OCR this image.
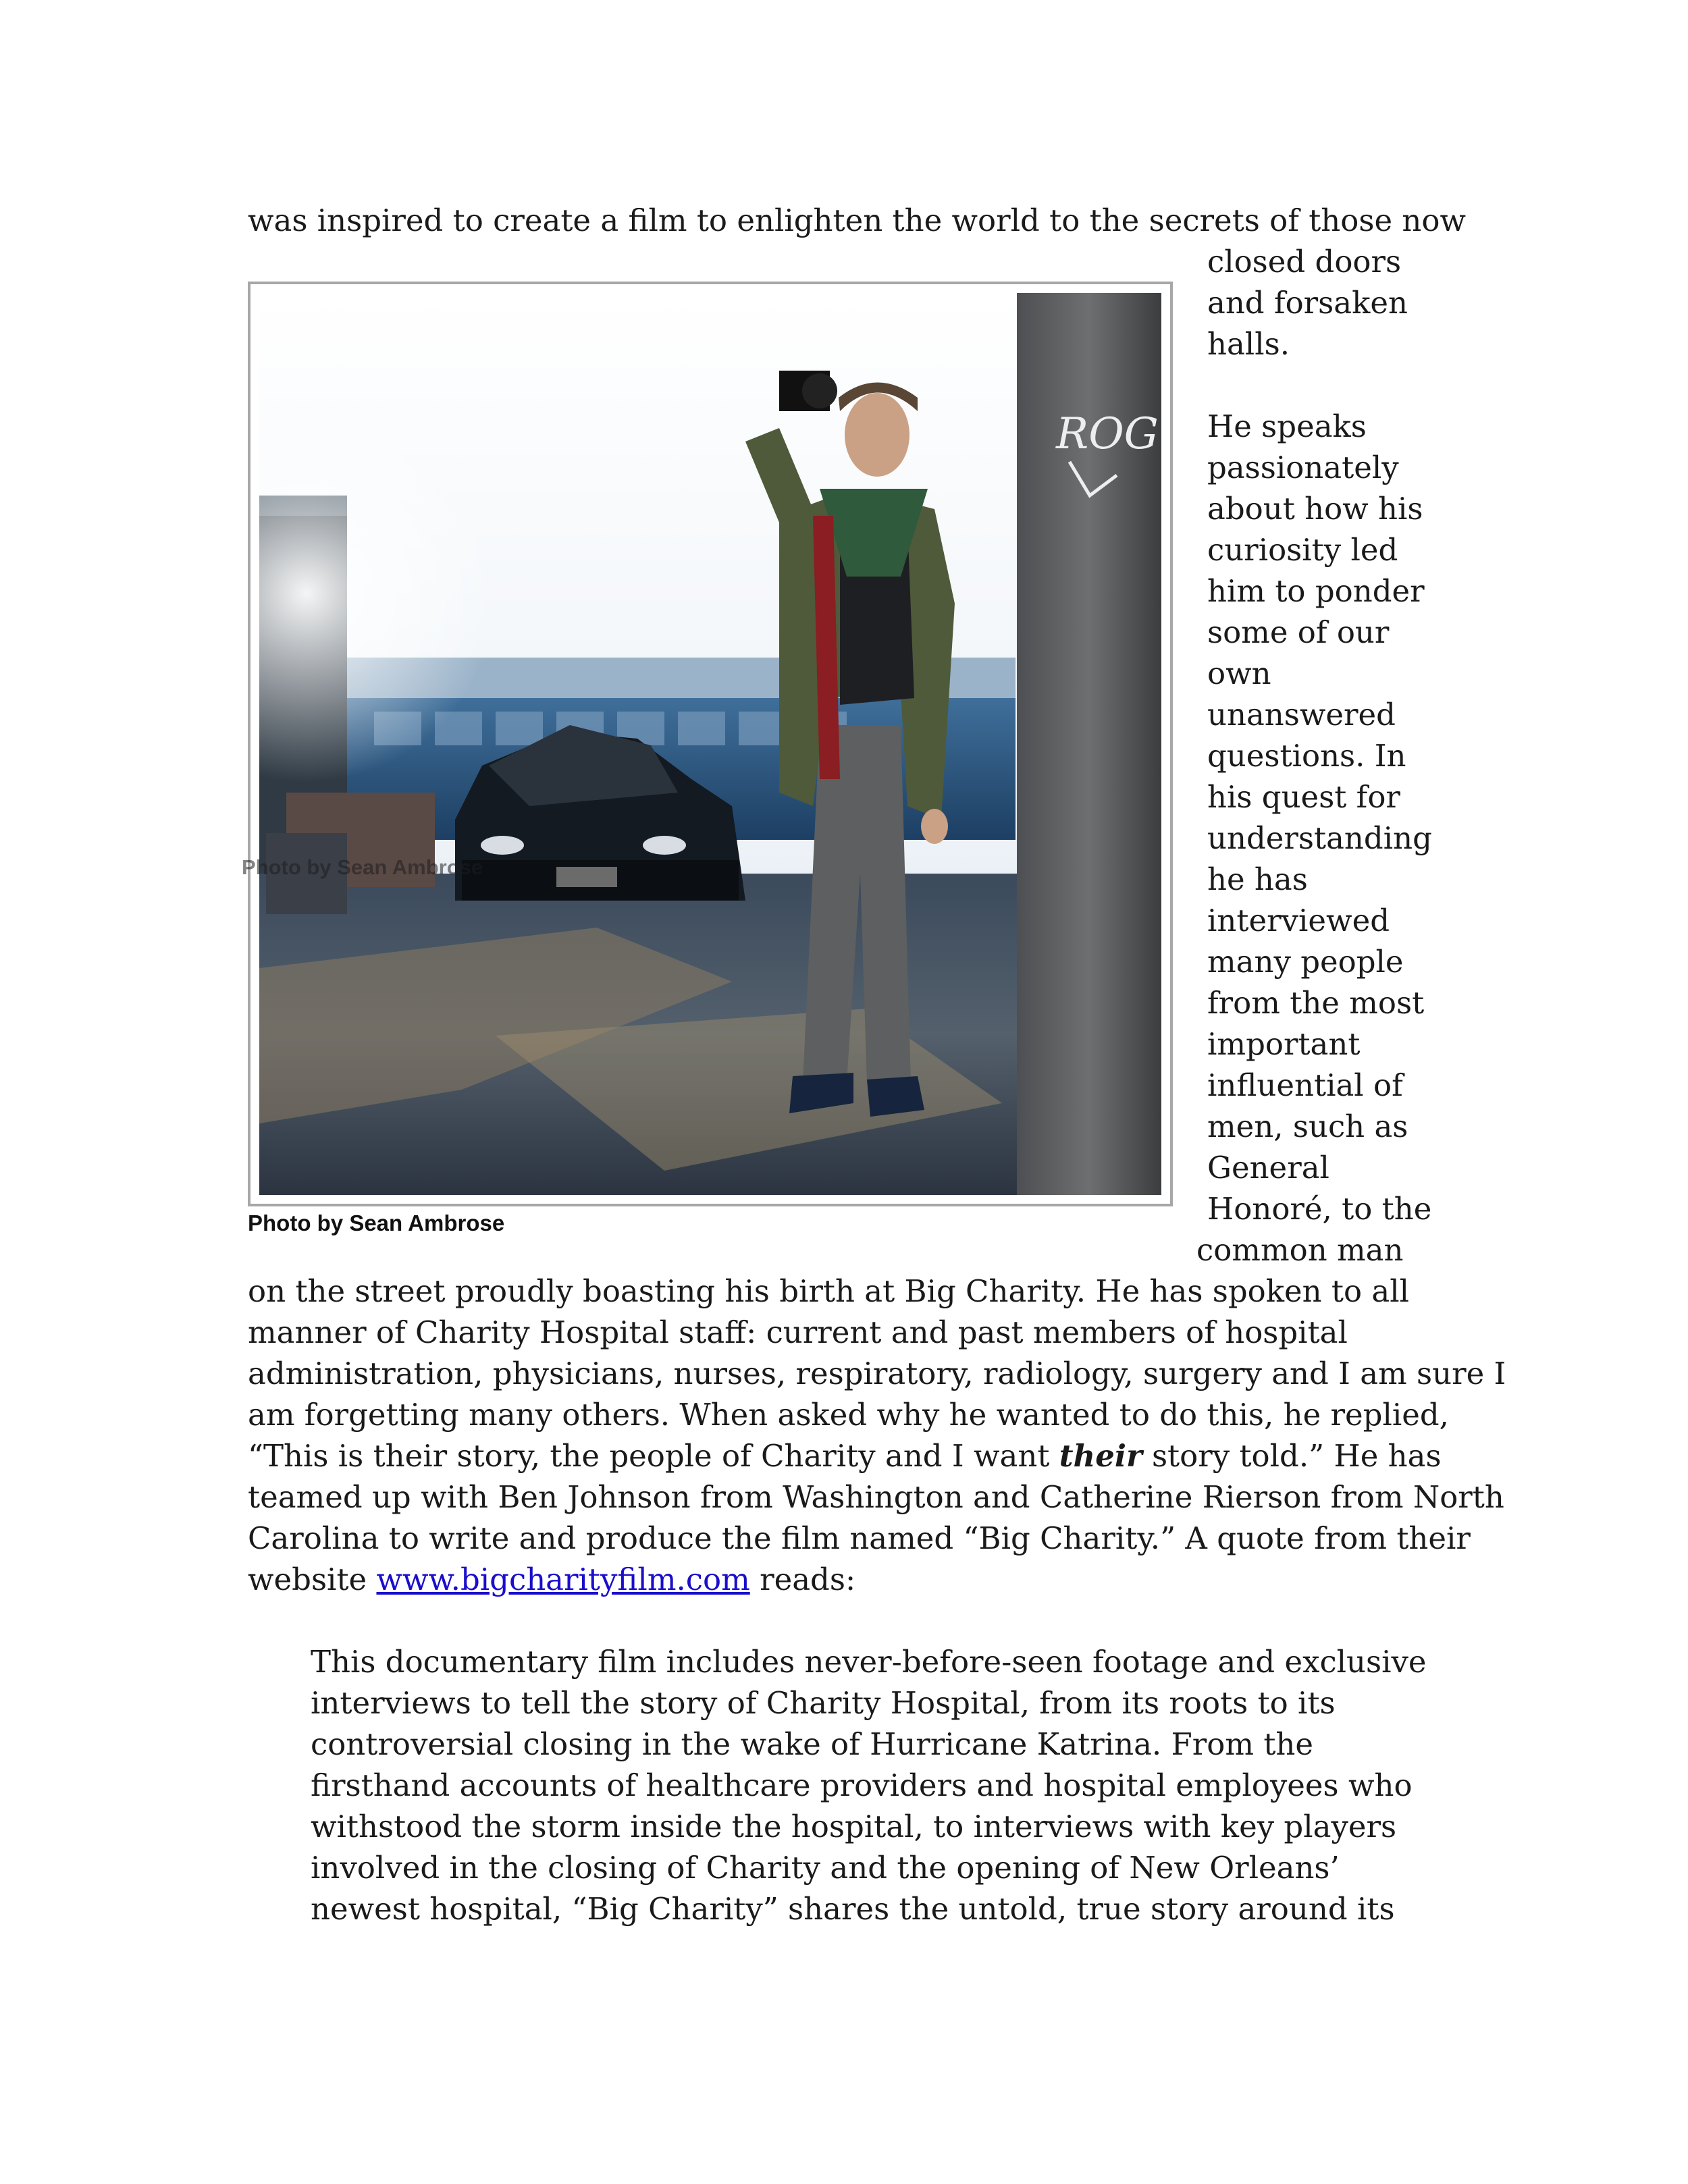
was inspired to create a film to enlighten the world to the secrets of those now
closed doors
and forsaken
halls.
ROG
Photo by Sean Ambrose
Photo by Sean Ambrose
He speaks
passionately
about how his
curiosity led
him to ponder
some of our
own
unanswered
questions. In
his quest for
understanding
he has
interviewed
many people
from the most
important
influential of
men, such as
General
Honoré, to the
common man
on the street proudly boasting his birth at Big Charity. He has spoken to all
manner of Charity Hospital staff: current and past members of hospital
administration, physicians, nurses, respiratory, radiology, surgery and I am sure I
am forgetting many others. When asked why he wanted to do this, he replied,
“This is their story, the people of Charity and I want their story told.” He has
teamed up with Ben Johnson from Washington and Catherine Rierson from North
Carolina to write and produce the film named “Big Charity.” A quote from their
website www.bigcharityfilm.com reads:
This documentary film includes never-before-seen footage and exclusive
interviews to tell the story of Charity Hospital, from its roots to its
controversial closing in the wake of Hurricane Katrina. From the
firsthand accounts of healthcare providers and hospital employees who
withstood the storm inside the hospital, to interviews with key players
involved in the closing of Charity and the opening of New Orleans’
newest hospital, “Big Charity” shares the untold, true story around its
